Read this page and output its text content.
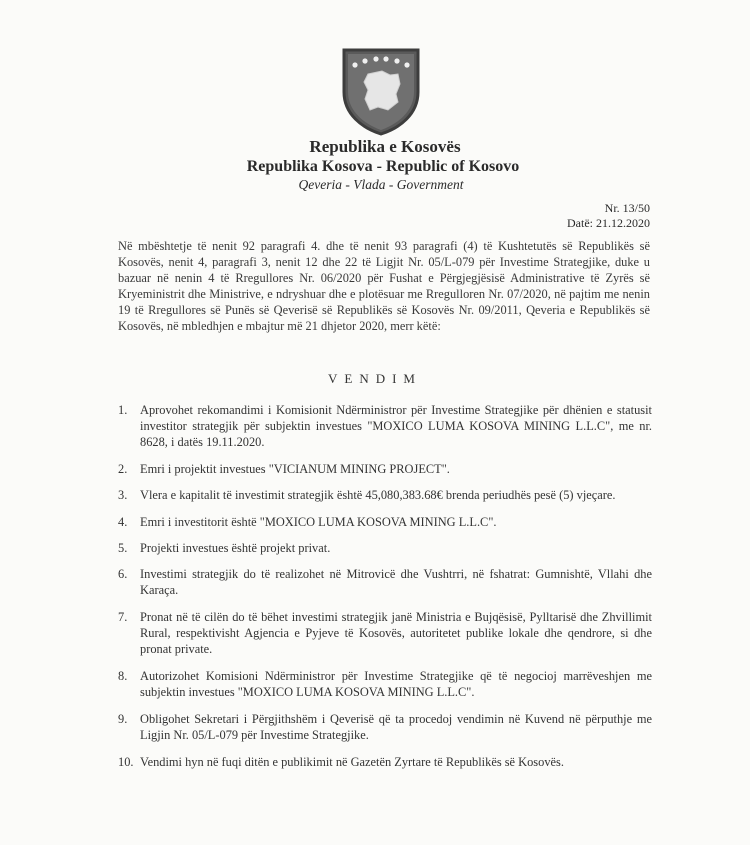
Republika e Kosovës
Republika Kosova - Republic of Kosovo
Qeveria - Vlada - Government
Nr. 13/50
Datë: 21.12.2020
Në mbështetje të nenit 92 paragrafi 4. dhe të nenit 93 paragrafi (4) të Kushtetutës së Republikës së Kosovës, nenit 4, paragrafi 3, nenit 12 dhe 22 të Ligjit Nr. 05/L-079 për Investime Strategjike, duke u bazuar në nenin 4 të Rregullores Nr. 06/2020 për Fushat e Përgjegjësisë Administrative të Zyrës së Kryeministrit dhe Ministrive, e ndryshuar dhe e plotësuar me Rregulloren Nr. 07/2020, në pajtim me nenin 19 të Rregullores së Punës së Qeverisë së Republikës së Kosovës Nr. 09/2011, Qeveria e Republikës së Kosovës, në mbledhjen e mbajtur më 21 dhjetor 2020, merr këtë:
VENDIM
1.	Aprovohet rekomandimi i Komisionit Ndërministror për Investime Strategjike për dhënien e statusit investitor strategjik për subjektin investues "MOXICO LUMA KOSOVA MINING L.L.C", me nr. 8628, i datës 19.11.2020.
2.	Emri i projektit investues "VICIANUM MINING PROJECT".
3.	Vlera e kapitalit të investimit strategjik është 45,080,383.68€ brenda periudhës pesë (5) vjeçare.
4.	Emri i investitorit është "MOXICO LUMA KOSOVA MINING L.L.C".
5.	Projekti investues është projekt privat.
6.	Investimi strategjik do të realizohet në Mitrovicë dhe Vushtrri, në fshatrat: Gumnishtë, Vllahi dhe Karaça.
7.	Pronat në të cilën do të bëhet investimi strategjik janë Ministria e Bujqësisë, Pylltarisë dhe Zhvillimit Rural, respektivisht Agjencia e Pyjeve të Kosovës, autoritetet publike lokale dhe qendrore, si dhe pronat private.
8.	Autorizohet Komisioni Ndërministror për Investime Strategjike që të negocioj marrëveshjen me subjektin investues "MOXICO LUMA KOSOVA MINING L.L.C".
9.	Obligohet Sekretari i Përgjithshëm i Qeverisë që ta procedoj vendimin në Kuvend në përputhje me Ligjin Nr. 05/L-079 për Investime Strategjike.
10. Vendimi hyn në fuqi ditën e publikimit në Gazetën Zyrtare të Republikës së Kosovës.
